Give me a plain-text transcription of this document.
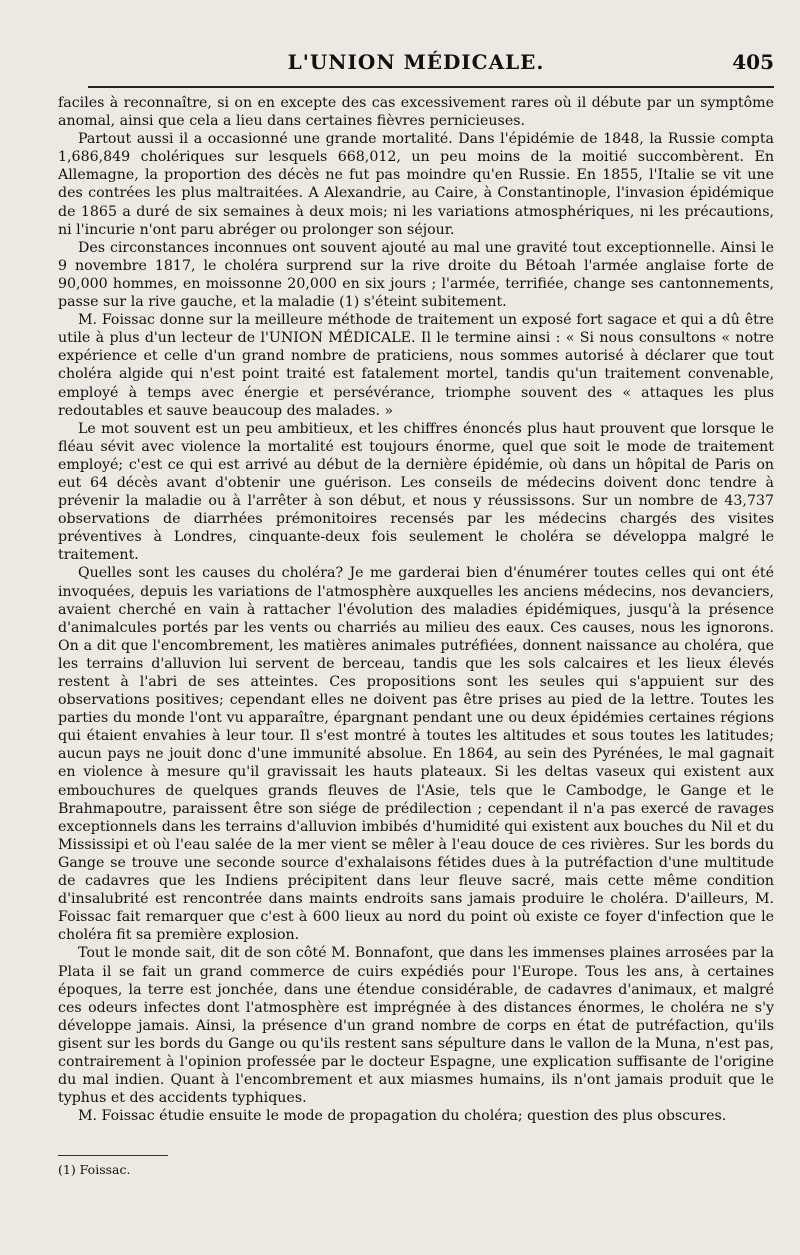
L'UNION MÉDICALE.	405

faciles à reconnaître, si on en excepte des cas excessivement rares où il débute par un symptôme anomal, ainsi que cela a lieu dans certaines fièvres pernicieuses.

Partout aussi il a occasionné une grande mortalité. Dans l'épidémie de 1848, la Russie compta 1,686,849 cholériques sur lesquels 668,012, un peu moins de la moitié succombèrent. En Allemagne, la proportion des décès ne fut pas moindre qu'en Russie. En 1855, l'Italie se vit une des contrées les plus maltraitées. A Alexandrie, au Caire, à Constantinople, l'invasion épidémique de 1865 a duré de six semaines à deux mois; ni les variations atmosphériques, ni les précautions, ni l'incurie n'ont paru abréger ou prolonger son séjour.

Des circonstances inconnues ont souvent ajouté au mal une gravité tout exceptionnelle. Ainsi le 9 novembre 1817, le choléra surprend sur la rive droite du Bétoah l'armée anglaise forte de 90,000 hommes, en moissonne 20,000 en six jours ; l'armée, terrifiée, change ses cantonnements, passe sur la rive gauche, et la maladie (1) s'éteint subitement.

M. Foissac donne sur la meilleure méthode de traitement un exposé fort sagace et qui a dû être utile à plus d'un lecteur de l'UNION MÉDICALE. Il le termine ainsi : « Si nous consultons « notre expérience et celle d'un grand nombre de praticiens, nous sommes autorisé à déclarer que tout choléra algide qui n'est point traité est fatalement mortel, tandis qu'un traitement convenable, employé à temps avec énergie et persévérance, triomphe souvent des « attaques les plus redoutables et sauve beaucoup des malades. »

Le mot souvent est un peu ambitieux, et les chiffres énoncés plus haut prouvent que lorsque le fléau sévit avec violence la mortalité est toujours énorme, quel que soit le mode de traitement employé; c'est ce qui est arrivé au début de la dernière épidémie, où dans un hôpital de Paris on eut 64 décès avant d'obtenir une guérison. Les conseils de médecins doivent donc tendre à prévenir la maladie ou à l'arrêter à son début, et nous y réussissons. Sur un nombre de 43,737 observations de diarrhées prémonitoires recensés par les médecins chargés des visites préventives à Londres, cinquante-deux fois seulement le choléra se développa malgré le traitement.

Quelles sont les causes du choléra? Je me garderai bien d'énumérer toutes celles qui ont été invoquées, depuis les variations de l'atmosphère auxquelles les anciens médecins, nos devanciers, avaient cherché en vain à rattacher l'évolution des maladies épidémiques, jusqu'à la présence d'animalcules portés par les vents ou charriés au milieu des eaux. Ces causes, nous les ignorons. On a dit que l'encombrement, les matières animales putréfiées, donnent naissance au choléra, que les terrains d'alluvion lui servent de berceau, tandis que les sols calcaires et les lieux élevés restent à l'abri de ses atteintes. Ces propositions sont les seules qui s'appuient sur des observations positives; cependant elles ne doivent pas être prises au pied de la lettre. Toutes les parties du monde l'ont vu apparaître, épargnant pendant une ou deux épidémies certaines régions qui étaient envahies à leur tour. Il s'est montré à toutes les altitudes et sous toutes les latitudes; aucun pays ne jouit donc d'une immunité absolue. En 1864, au sein des Pyrénées, le mal gagnait en violence à mesure qu'il gravissait les hauts plateaux. Si les deltas vaseux qui existent aux embouchures de quelques grands fleuves de l'Asie, tels que le Cambodge, le Gange et le Brahmapoutre, paraissent être son siége de prédilection ; cependant il n'a pas exercé de ravages exceptionnels dans les terrains d'alluvion imbibés d'humidité qui existent aux bouches du Nil et du Mississipi et où l'eau salée de la mer vient se mêler à l'eau douce de ces rivières. Sur les bords du Gange se trouve une seconde source d'exhalaisons fétides dues à la putréfaction d'une multitude de cadavres que les Indiens précipitent dans leur fleuve sacré, mais cette même condition d'insalubrité est rencontrée dans maints endroits sans jamais produire le choléra. D'ailleurs, M. Foissac fait remarquer que c'est à 600 lieux au nord du point où existe ce foyer d'infection que le choléra fit sa première explosion.

Tout le monde sait, dit de son côté M. Bonnafont, que dans les immenses plaines arrosées par la Plata il se fait un grand commerce de cuirs expédiés pour l'Europe. Tous les ans, à certaines époques, la terre est jonchée, dans une étendue considérable, de cadavres d'animaux, et malgré ces odeurs infectes dont l'atmosphère est imprégnée à des distances énormes, le choléra ne s'y développe jamais. Ainsi, la présence d'un grand nombre de corps en état de putréfaction, qu'ils gisent sur les bords du Gange ou qu'ils restent sans sépulture dans le vallon de la Muna, n'est pas, contrairement à l'opinion professée par le docteur Espagne, une explication suffisante de l'origine du mal indien. Quant à l'encombrement et aux miasmes humains, ils n'ont jamais produit que le typhus et des accidents typhiques.

M. Foissac étudie ensuite le mode de propagation du choléra; question des plus obscures.

(1) Foissac.
